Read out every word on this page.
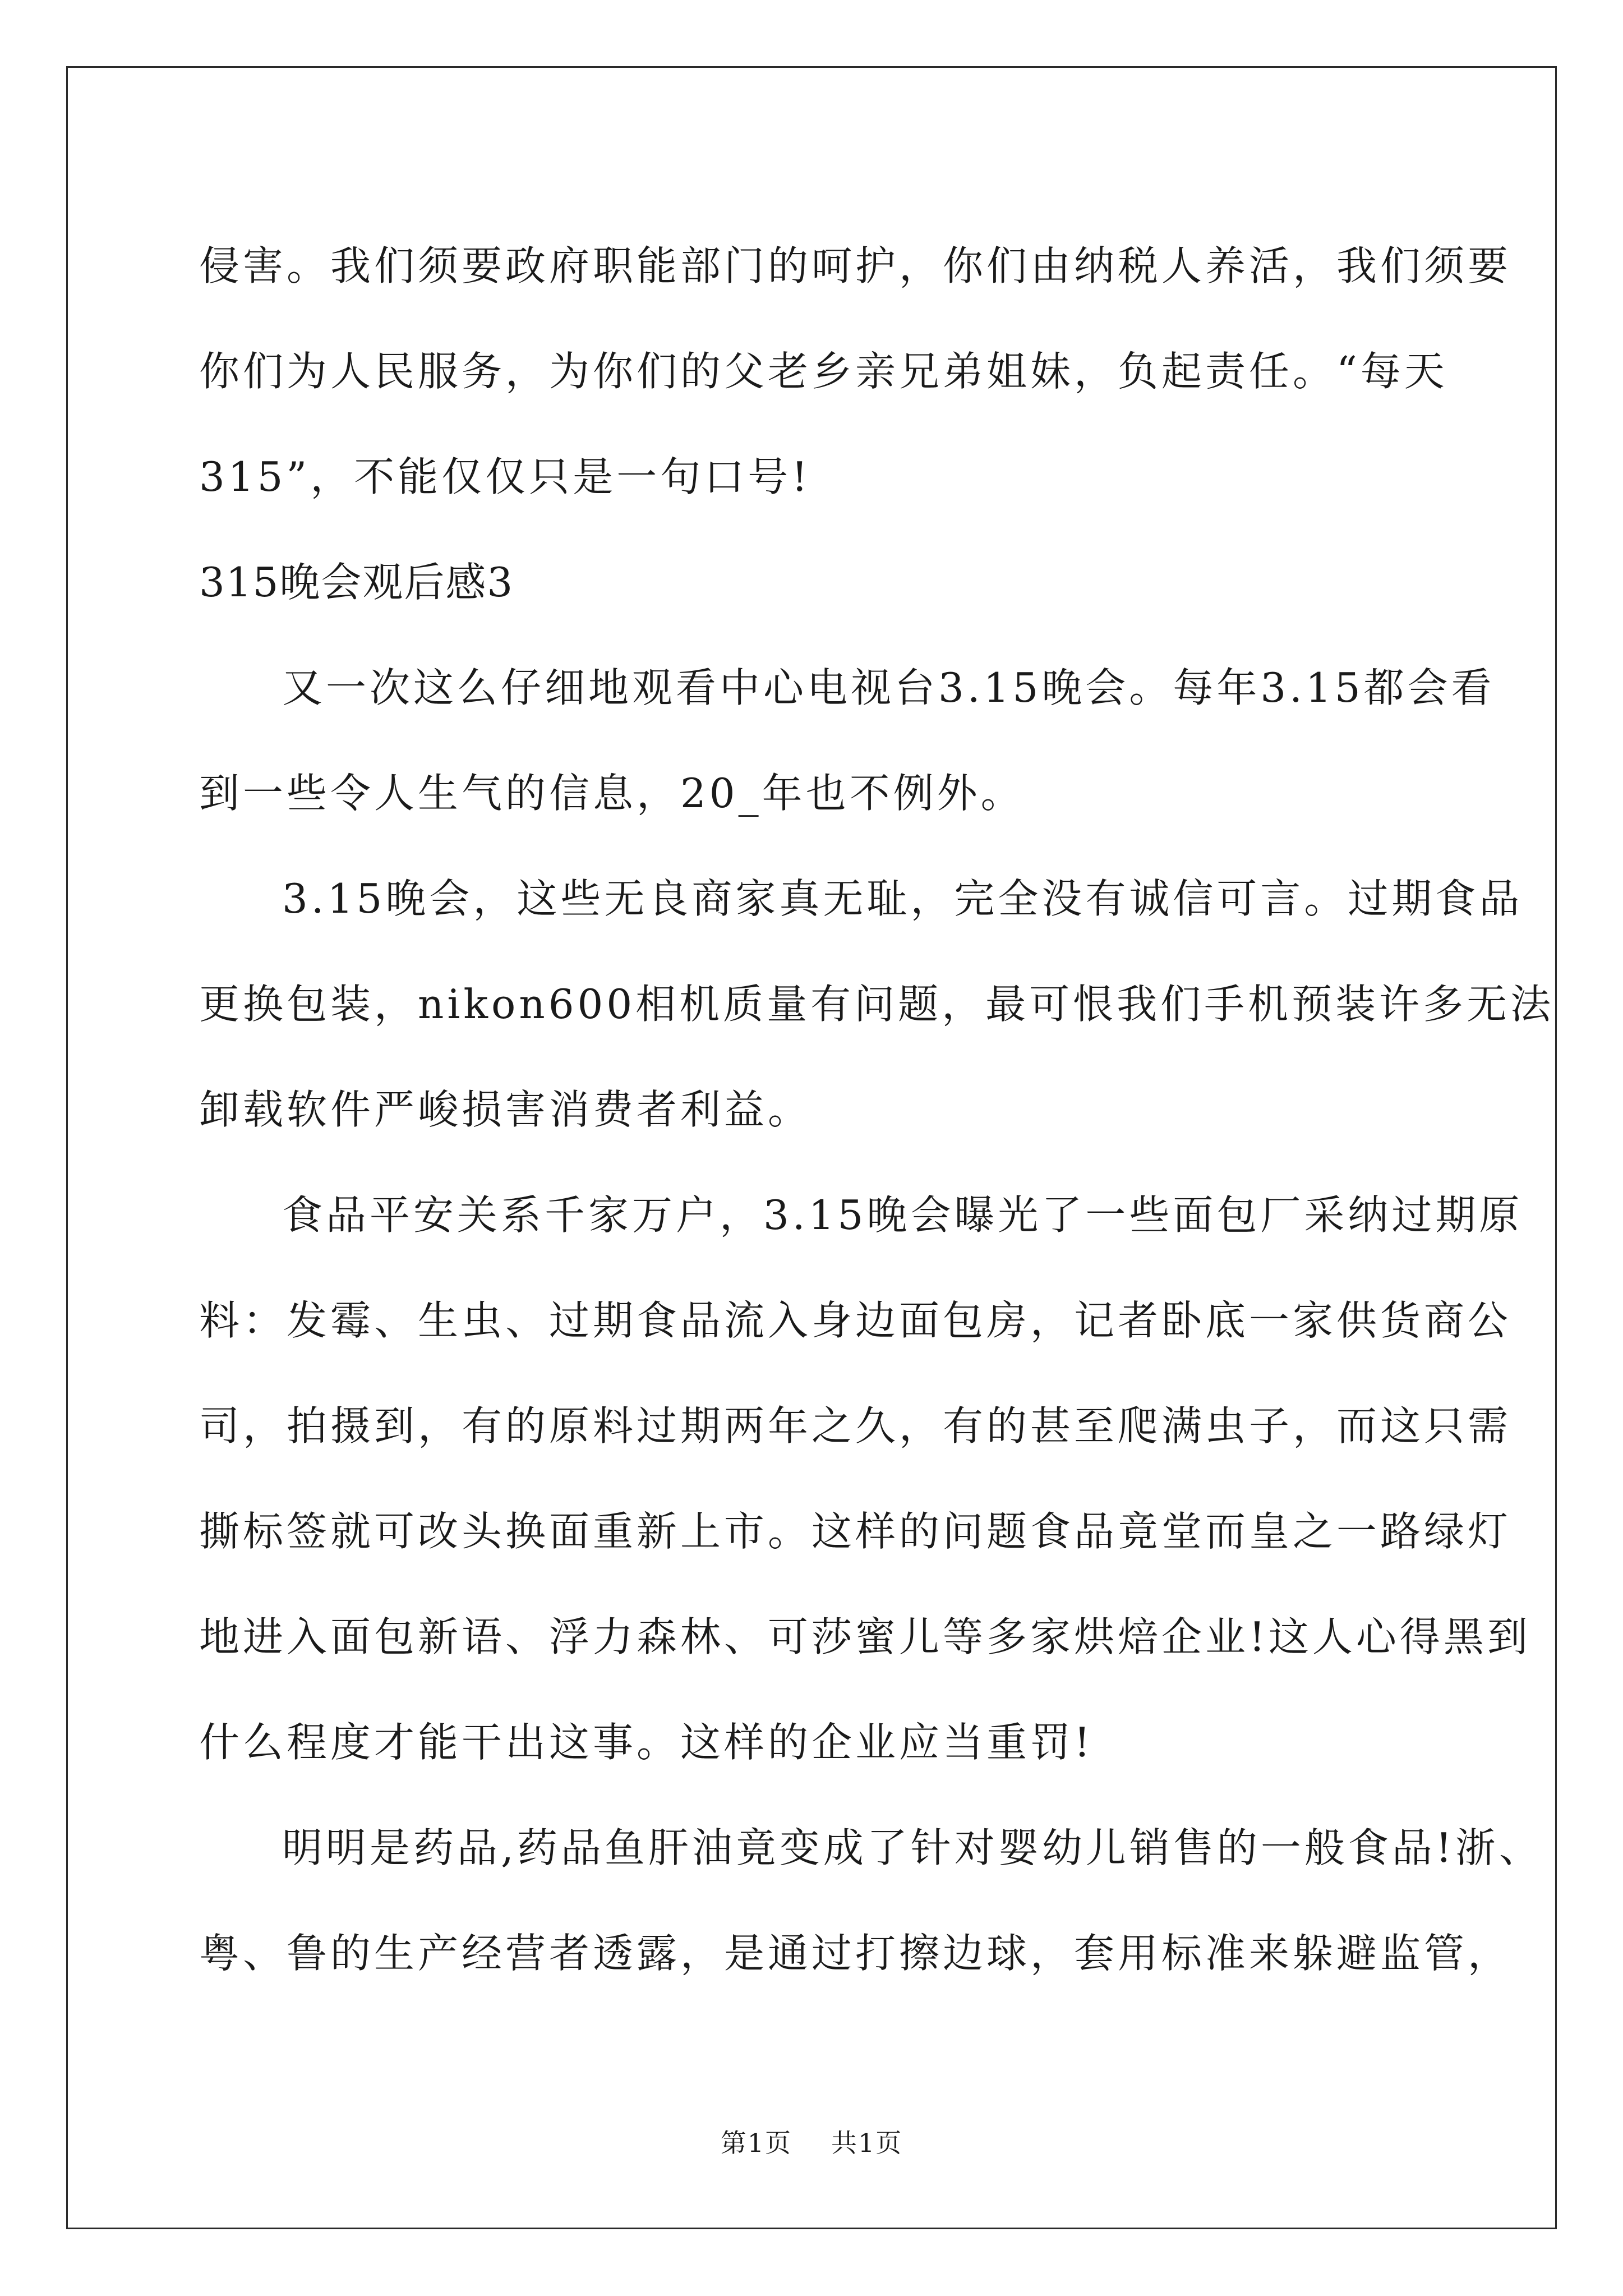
侵害。我们须要政府职能部门的呵护，你们由纳税人养活，我们须要
你们为人民服务，为你们的父老乡亲兄弟姐妹，负起责任。“每天
315”，不能仅仅只是一句口号!
315晚会观后感3
又一次这么仔细地观看中心电视台3.15晚会。每年3.15都会看
到一些令人生气的信息，20_年也不例外。
3.15晚会，这些无良商家真无耻，完全没有诚信可言。过期食品
更换包装，nikon600相机质量有问题，最可恨我们手机预装许多无法
卸载软件严峻损害消费者利益。
食品平安关系千家万户，3.15晚会曝光了一些面包厂采纳过期原
料：发霉、生虫、过期食品流入身边面包房，记者卧底一家供货商公
司，拍摄到，有的原料过期两年之久，有的甚至爬满虫子，而这只需
撕标签就可改头换面重新上市。这样的问题食品竟堂而皇之一路绿灯
地进入面包新语、浮力森林、可莎蜜儿等多家烘焙企业!这人心得黑到
什么程度才能干出这事。这样的企业应当重罚!
明明是药品,药品鱼肝油竟变成了针对婴幼儿销售的一般食品!浙、
粤、鲁的生产经营者透露，是通过打擦边球，套用标准来躲避监管，
第1页 共1页
